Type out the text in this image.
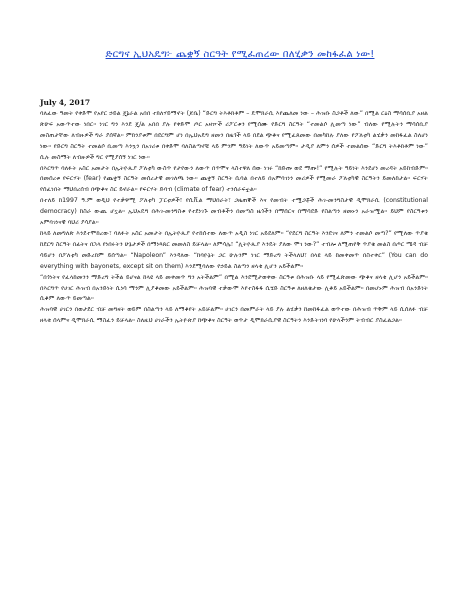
ድርግና ኢህአዴግ፦ ጨቋኝ ስርዓት የሚፈጠረው በለሂቃን መከፋፈል ነው!
July 4, 2017

ባለፈው ዓመት የቀድሞ የአየር ኃይል ጄኔራል አበበ ተክለሃይማኖት (ጆቤ) “ድርግ ትእቶክቶም – ዴሞክራሲ እየጨለመ ነው – ሕዝቡ ስጋቶች ለው” በሚል ርዕስ ማሳሰቢያ አዘል ጽሁፍ አውጥተው ነበር። ነገር ግን እንደ ጄ/ል አበበ ያሉ የቀድሞ ጦር አዛዦች ሪፖርቱን የሚሰሙ የድርግ ስርዓት “ተመልሶ ሊመጣ ነው” ብለው የሚሉትን ማሳሰቢያ መስጠታቸው ለብዙዎች ግራ ያሰኛል። ምክንያቱም በደርግም ሆነ በኢህአዴግ ዘመን በዜጎች ላይ በደል ጭቆና የሚፈጸመው በመካከሉ ያለው የፖለቲካ ልሂቃን መከፋፈል ስለሆነ ነው። የድርግ ስርዓት ተመልሶ ቢመጣ እንኳን በአገሪቱ በቀድሞ ባለስልጣኖቹ ላይ ምንም ዓይነት ለውጥ አይመጣም። ታዲያ ለምን ሰዎች ተመልሰው “ድርግ ትእቶክቶም ነው” ሲሉ መስማት ለብዙዎች ግር የሚያሰኝ ነገር ነው።

በእርግጥ ባለፉት አስር አመታት በኢትዮጲያ ፖለቲካ ውስጥ የታየውን ለውጥ በጥሞና ላስተዋለ ሰው ነገሩ “ከድጡ ወደ ማጡ!” የሚሉት ዓይነት እንደሆነ መረዳት አይከብድም። በመሰረቱ የፍርሃት (fear) የጨቋኝ ስርዓት መሰረታዊ መገለጫ ነው። ጨቋኝ ስርዓት ሲባል በተለይ በአምባገነን መሪዎች የሚመራ ፖለቲካዊ ስርዓትን ይመለከታል። ፍርሃት የሰፈነበት ማህበረሰብ በጭቆና ስር ይኖራል። የፍርሃት ድባብ (climate of fear) ተንሰራፍቷል።

በተለይ ከ1997 ዓ.ም ወዲህ የተቃዋሚ ፖለቲካ ፓርቲዎች፣ የሲቪል ማህበራት፣ ጋዜጠኞች እና የመብት ተሟጋቾች ሕገ-መንግስታዊ ዲሞክራሲ (constitutional democracy) ከስራ ውጪ ሆኗል። ኢህአዴግ በሕገ-መንግስቱ የተደነገጉ መብቶችን በመጣስ ዜጎችን በማሰርና በማሳደድ የስልጣን ዘመኑን አራዝሟል። ይህም የስርዓቱን አምባገነናዊ ባህሪ ያሳያል።

ከላይ ለመግለጽ እንደተሞከረው፣ ባለፉት አስር አመታት በኢትዮጲያ የተከሰተው ለውጥ አዲስ ነገር አይደለም። “የደርግ ስርዓት እንደገና ለምን ተመልሶ መጣ?” የሚለው ጥያቄ ከደርግ ስርዓት በፊትና በኋላ የነበሩትን ሁኔታዎች በማነጻጸር መመለስ ይቻላል። ለምሳሌ፣ “ሊትዮጲያ እንዴት ያለው ሞገ ነው?” ተብሎ ለሚጠየቅ ጥያቄ መልስ በጦር ሜዳ ብቻ ሳይሆን በፖለቲካ መድረክም ይሰጣል። “Napoleon” እንዳለው “ከባዮኔት ጋር ሁሉንም ነገር ማድረግ ትችላለህ፣ በላዩ ላይ ከመቀመጥ በስተቀር” (You can do everything with bayonets, except sit on them) እንደሚባለው የኃይል ስልጣን ዘላቂ ሊሆን አይችልም።

“በጎነትና የፈላከመንን ማድረግ ትችል ይሆናል ከላዩ ላይ መቀመጥ ግን አትችልም” በሚል እንደሚታወቀው ስርዓቱ በሕዝቡ ላይ የሚፈጽመው ጭቆና ዘላቂ ሊሆን አይችልም። በእርግጥ የሀገር ሕዝብ በአንድነት ሲነሳ ማንም ሊያቆመው አይችልም። ሕዝባዊ ተቃውሞ እየተስፋፋ ሲሄድ ስርዓቱ ለዘለቄታው ሊቆይ አይችልም። በመሆኑም ሕዝብ በአንድነት ሲቆም ለውጥ ይመጣል።

ሕዝባዊ ሀገርን በወታደር ብቻ መግዛት ወይም በስልጣን ላይ ለማቆየት አይቻልም። ሀገርን በመምራት ላይ ያሉ ልሂቃን ከመከፋፈል ወጥተው በሕዝብ ጥቅም ላይ ሲሰለፉ ብቻ ዘላቂ ሰላምና ዲሞክራሲ ማስፈን ይቻላል። ስለዚህ ሀገራችን ኢትዮጵያ ከጭቆና ስርዓት ወጥታ ዲሞክራሲያዊ ስርዓትን እንድትገነባ የሁላችንም ትብብር ያስፈልጋል።
